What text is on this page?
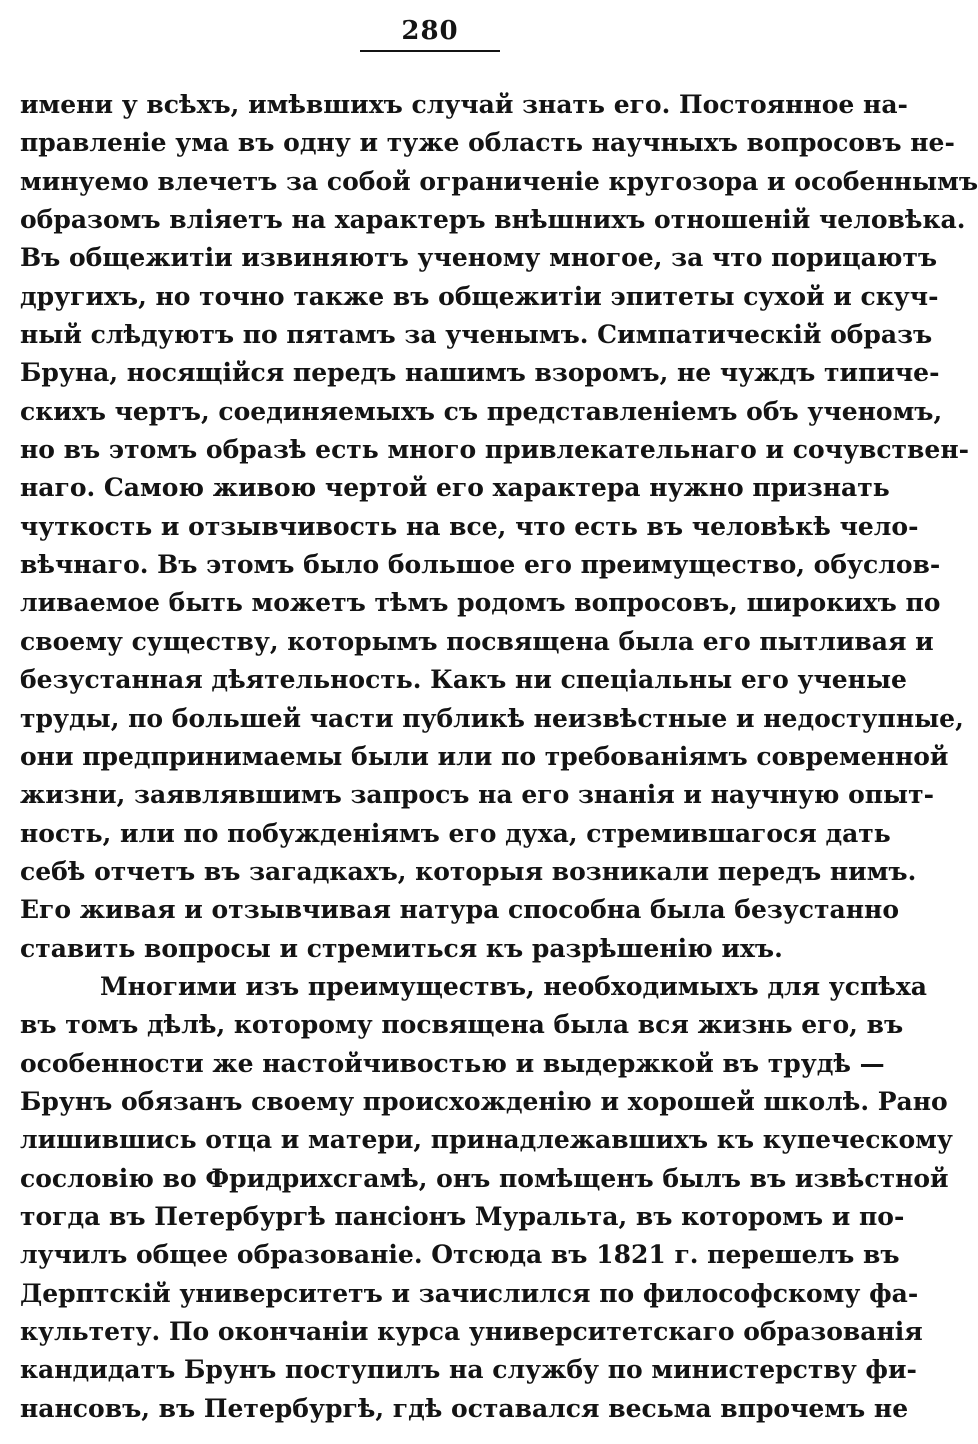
280
имени у всѣхъ, имѣвшихъ случай знать его. Постоянное на-
правленіе ума въ одну и туже область научныхъ вопросовъ не-
минуемо влечетъ за собой ограниченіе кругозора и особеннымъ
образомъ вліяетъ на характеръ внѣшнихъ отношеній человѣка.
Въ общежитіи извиняютъ ученому многое, за что порицаютъ
другихъ, но точно также въ общежитіи эпитеты сухой и скуч-
ный слѣдуютъ по пятамъ за ученымъ. Симпатическій образъ
Бруна, носящійся передъ нашимъ взоромъ, не чуждъ типиче-
скихъ чертъ, соединяемыхъ съ представленіемъ объ ученомъ,
но въ этомъ образѣ есть много привлекательнаго и сочувствен-
наго. Самою живою чертой его характера нужно признать
чуткость и отзывчивость на все, что есть въ человѣкѣ чело-
вѣчнаго. Въ этомъ было большое его преимущество, обуслов-
ливаемое быть можетъ тѣмъ родомъ вопросовъ, широкихъ по
своему существу, которымъ посвящена была его пытливая и
безустанная дѣятельность. Какъ ни спеціальны его ученые
труды, по большей части публикѣ неизвѣстные и недоступные,
они предпринимаемы были или по требованіямъ современной
жизни, заявлявшимъ запросъ на его знанія и научную опыт-
ность, или по побужденіямъ его духа, стремившагося дать
себѣ отчетъ въ загадкахъ, которыя возникали передъ нимъ.
Его живая и отзывчивая натура способна была безустанно
ставить вопросы и стремиться къ разрѣшенію ихъ.
Многими изъ преимуществъ, необходимыхъ для успѣха
въ томъ дѣлѣ, которому посвящена была вся жизнь его, въ
особенности же настойчивостью и выдержкой въ трудѣ —
Брунъ обязанъ своему происхожденію и хорошей школѣ. Рано
лишившись отца и матери, принадлежавшихъ къ купеческому
сословію во Фридрихсгамѣ, онъ помѣщенъ былъ въ извѣстной
тогда въ Петербургѣ пансіонъ Муральта, въ которомъ и по-
лучилъ общее образованіе. Отсюда въ 1821 г. перешелъ въ
Дерптскій университетъ и зачислился по философскому фа-
культету. По окончаніи курса университетскаго образованія
кандидатъ Брунъ поступилъ на службу по министерству фи-
нансовъ, въ Петербургѣ, гдѣ оставался весьма впрочемъ не
